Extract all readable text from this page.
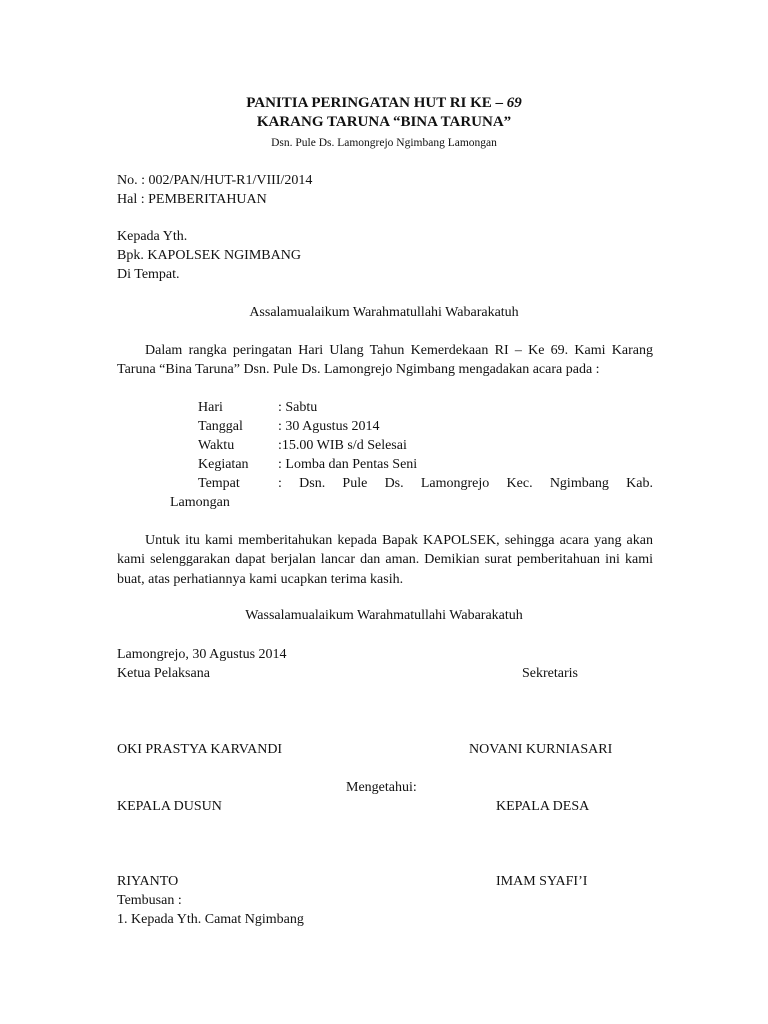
PANITIA PERINGATAN HUT RI KE – 69
KARANG TARUNA “BINA TARUNA”
Dsn. Pule Ds. Lamongrejo Ngimbang Lamongan
No. : 002/PAN/HUT-R1/VIII/2014
Hal : PEMBERITAHUAN
Kepada Yth.
Bpk. KAPOLSEK NGIMBANG
Di Tempat.
Assalamualaikum Warahmatullahi Wabarakatuh
Dalam rangka peringatan Hari Ulang Tahun Kemerdekaan RI – Ke 69. Kami Karang Taruna “Bina Taruna” Dsn. Pule Ds. Lamongrejo Ngimbang mengadakan acara pada :
Hari	: Sabtu
Tanggal	: 30 Agustus 2014
Waktu	:15.00 WIB s/d Selesai
Kegiatan : Lomba dan Pentas Seni
Tempat	: Dsn. Pule Ds. Lamongrejo Kec. Ngimbang Kab.
Lamongan
Untuk itu kami memberitahukan kepada Bapak KAPOLSEK, sehingga acara yang akan kami selenggarakan dapat berjalan lancar dan aman. Demikian surat pemberitahuan ini kami buat, atas perhatiannya kami ucapkan terima kasih.
Wassalamualaikum Warahmatullahi Wabarakatuh
Lamongrejo, 30 Agustus 2014
Ketua Pelaksana	Sekretaris
OKI PRASTYA KARVANDI	NOVANI KURNIASARI
Mengetahui:
KEPALA DUSUN	KEPALA DESA
RIYANTO	IMAM SYAFI’I
Tembusan :
1. Kepada Yth. Camat Ngimbang
